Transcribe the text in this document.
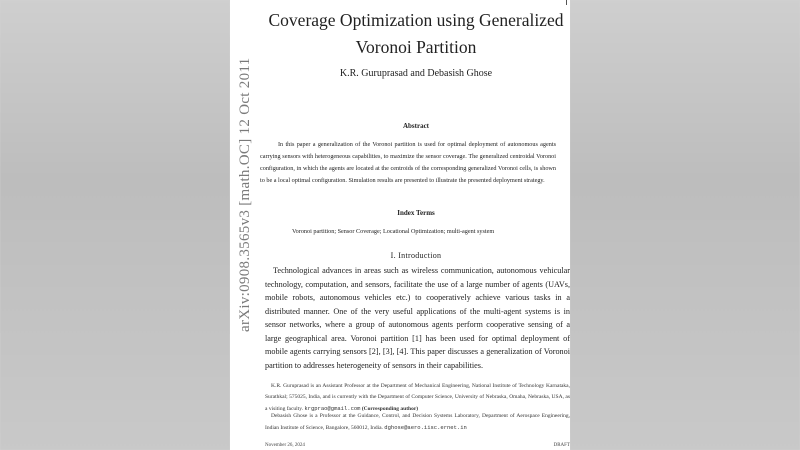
Coverage Optimization using Generalized
Voronoi Partition
K.R. Guruprasad and Debasish Ghose
Abstract
In this paper a generalization of the Voronoi partition is used for optimal deployment of autonomous agents carrying sensors with heterogeneous capabilities, to maximize the sensor coverage. The generalized centroidal Voronoi configuration, in which the agents are located at the centroids of the corresponding generalized Voronoi cells, is shown to be a local optimal configuration. Simulation results are presented to illustrate the presented deployment strategy.
Index Terms
Voronoi partition; Sensor Coverage; Locational Optimization; multi-agent system
I. Introduction
Technological advances in areas such as wireless communication, autonomous vehicular technology, computation, and sensors, facilitate the use of a large number of agents (UAVs, mobile robots, autonomous vehicles etc.) to cooperatively achieve various tasks in a distributed manner. One of the very useful applications of the multi-agent systems is in sensor networks, where a group of autonomous agents perform cooperative sensing of a large geographical area. Voronoi partition [1] has been used for optimal deployment of mobile agents carrying sensors [2], [3], [4]. This paper discusses a generalization of Voronoi partition to addresses heterogeneity of sensors in their capabilities.
K.R. Guruprasad is an Assistant Professor at the Department of Mechanical Engineering, National Institute of Technology Karnataka, Surathkal; 575025, India, and is currently with the Department of Computer Science, University of Nebraska, Omaha, Nebraska, USA, as a visiting faculty. krgprao@gmail.com (Corresponding author)
Debasish Ghose is a Professor at the Guidance, Control, and Decision Systems Laboratory, Department of Aerospace Engineering, Indian Institute of Science, Bangalore, 560012, India. dghose@aero.iisc.ernet.in
November 26, 2024	DRAFT
arXiv:0908.3565v3 [math.OC] 12 Oct 2011
